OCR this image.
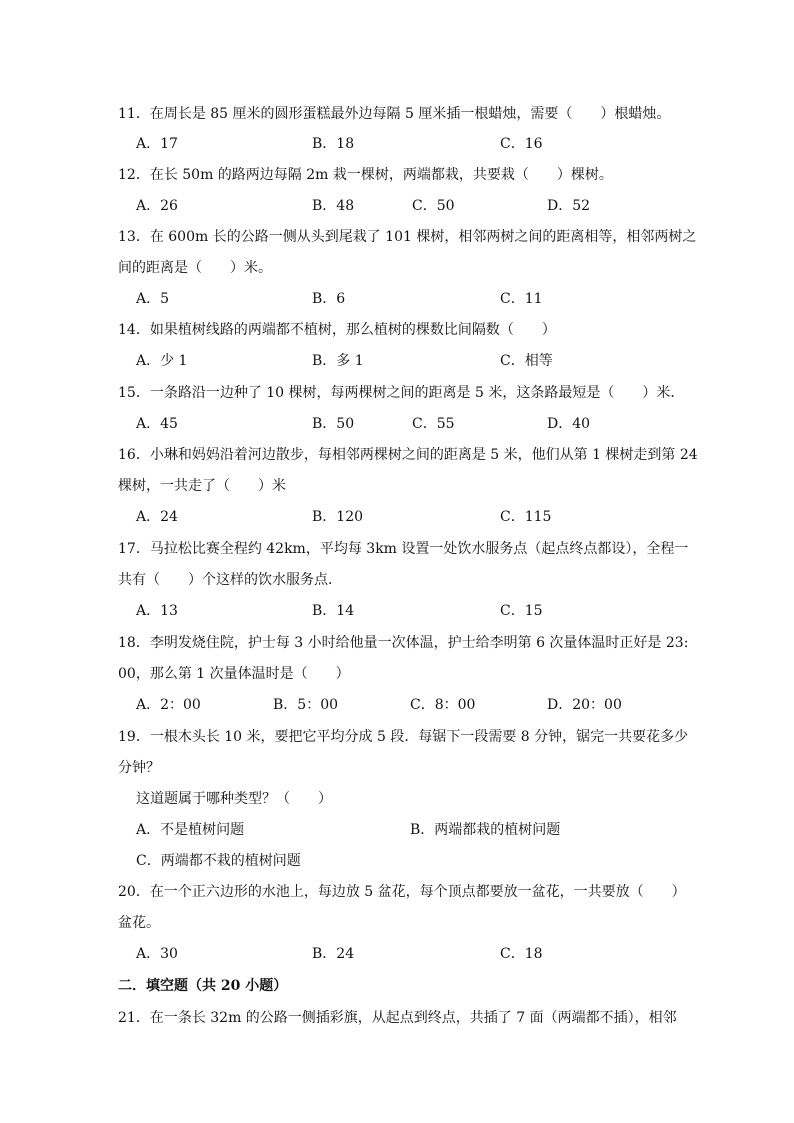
11．在周长是 85 厘米的圆形蛋糕最外边每隔 5 厘米插一根蜡烛，需要（　　）根蜡烛。
A．17	B．18	C．16
12．在长 50m 的路两边每隔 2m 栽一棵树，两端都栽，共要栽（　　）棵树。
A．26	B．48	C．50	D．52
13．在 600m 长的公路一侧从头到尾栽了 101 棵树，相邻两树之间的距离相等，相邻两树之
间的距离是（　　）米。
A．5	B．6	C．11
14．如果植树线路的两端都不植树，那么植树的棵数比间隔数（　　）
A．少 1	B．多 1	C．相等
15．一条路沿一边种了 10 棵树，每两棵树之间的距离是 5 米，这条路最短是（　　）米．
A．45	B．50	C．55	D．40
16．小琳和妈妈沿着河边散步，每相邻两棵树之间的距离是 5 米，他们从第 1 棵树走到第 24
棵树，一共走了（　　）米
A．24	B．120	C．115
17．马拉松比赛全程约 42km，平均每 3km 设置一处饮水服务点（起点终点都设），全程一
共有（　　）个这样的饮水服务点．
A．13	B．14	C．15
18．李明发烧住院，护士每 3 小时给他量一次体温，护士给李明第 6 次量体温时正好是 23:
00，那么第 1 次量体温时是（　　）
A．2：00	B．5：00	C．8：00	D．20：00
19．一根木头长 10 米，要把它平均分成 5 段．每锯下一段需要 8 分钟，锯完一共要花多少
分钟？
这道题属于哪种类型？（　　）
A．不是植树问题	B．两端都栽的植树问题
C．两端都不栽的植树问题
20．在一个正六边形的水池上，每边放 5 盆花，每个顶点都要放一盆花，一共要放（　　）
盆花。
A．30	B．24	C．18
二．填空题（共 20 小题）
21．在一条长 32m 的公路一侧插彩旗，从起点到终点，共插了 7 面（两端都不插），相邻
